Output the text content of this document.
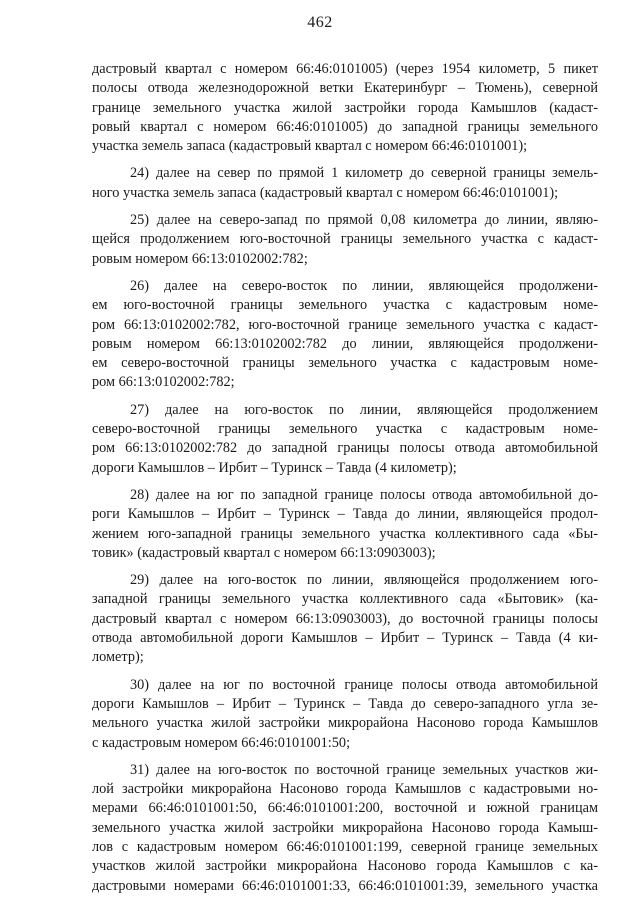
462
дастровый квартал с номером 66:46:0101005) (через 1954 километр, 5 пикет
полосы отвода железнодорожной ветки Екатеринбург – Тюмень), северной
границе земельного участка жилой застройки города Камышлов (кадаст-
ровый квартал с номером 66:46:0101005) до западной границы земельного
участка земель запаса (кадастровый квартал с номером 66:46:0101001);
24) далее на север по прямой 1 километр до северной границы земель-
ного участка земель запаса (кадастровый квартал с номером 66:46:0101001);
25) далее на северо-запад по прямой 0,08 километра до линии, являю-
щейся продолжением юго-восточной границы земельного участка с кадаст-
ровым номером 66:13:0102002:782;
26) далее на северо-восток по линии, являющейся продолжени-
ем юго-восточной границы земельного участка с кадастровым номе-
ром 66:13:0102002:782, юго-восточной границе земельного участка с кадаст-
ровым номером 66:13:0102002:782 до линии, являющейся продолжени-
ем северо-восточной границы земельного участка с кадастровым номе-
ром 66:13:0102002:782;
27) далее на юго-восток по линии, являющейся продолжением
северо-восточной границы земельного участка с кадастровым номе-
ром 66:13:0102002:782 до западной границы полосы отвода автомобильной
дороги Камышлов – Ирбит – Туринск – Тавда (4 километр);
28) далее на юг по западной границе полосы отвода автомобильной до-
роги Камышлов – Ирбит – Туринск – Тавда до линии, являющейся продол-
жением юго-западной границы земельного участка коллективного сада «Бы-
товик» (кадастровый квартал с номером 66:13:0903003);
29) далее на юго-восток по линии, являющейся продолжением юго-
западной границы земельного участка коллективного сада «Бытовик» (ка-
дастровый квартал с номером 66:13:0903003), до восточной границы полосы
отвода автомобильной дороги Камышлов – Ирбит – Туринск – Тавда (4 ки-
лометр);
30) далее на юг по восточной границе полосы отвода автомобильной
дороги Камышлов – Ирбит – Туринск – Тавда до северо-западного угла зе-
мельного участка жилой застройки микрорайона Насоново города Камышлов
с кадастровым номером 66:46:0101001:50;
31) далее на юго-восток по восточной границе земельных участков жи-
лой застройки микрорайона Насоново города Камышлов с кадастровыми но-
мерами 66:46:0101001:50, 66:46:0101001:200, восточной и южной границам
земельного участка жилой застройки микрорайона Насоново города Камыш-
лов с кадастровым номером 66:46:0101001:199, северной границе земельных
участков жилой застройки микрорайона Насоново города Камышлов с ка-
дастровыми номерами 66:46:0101001:33, 66:46:0101001:39, земельного участка
